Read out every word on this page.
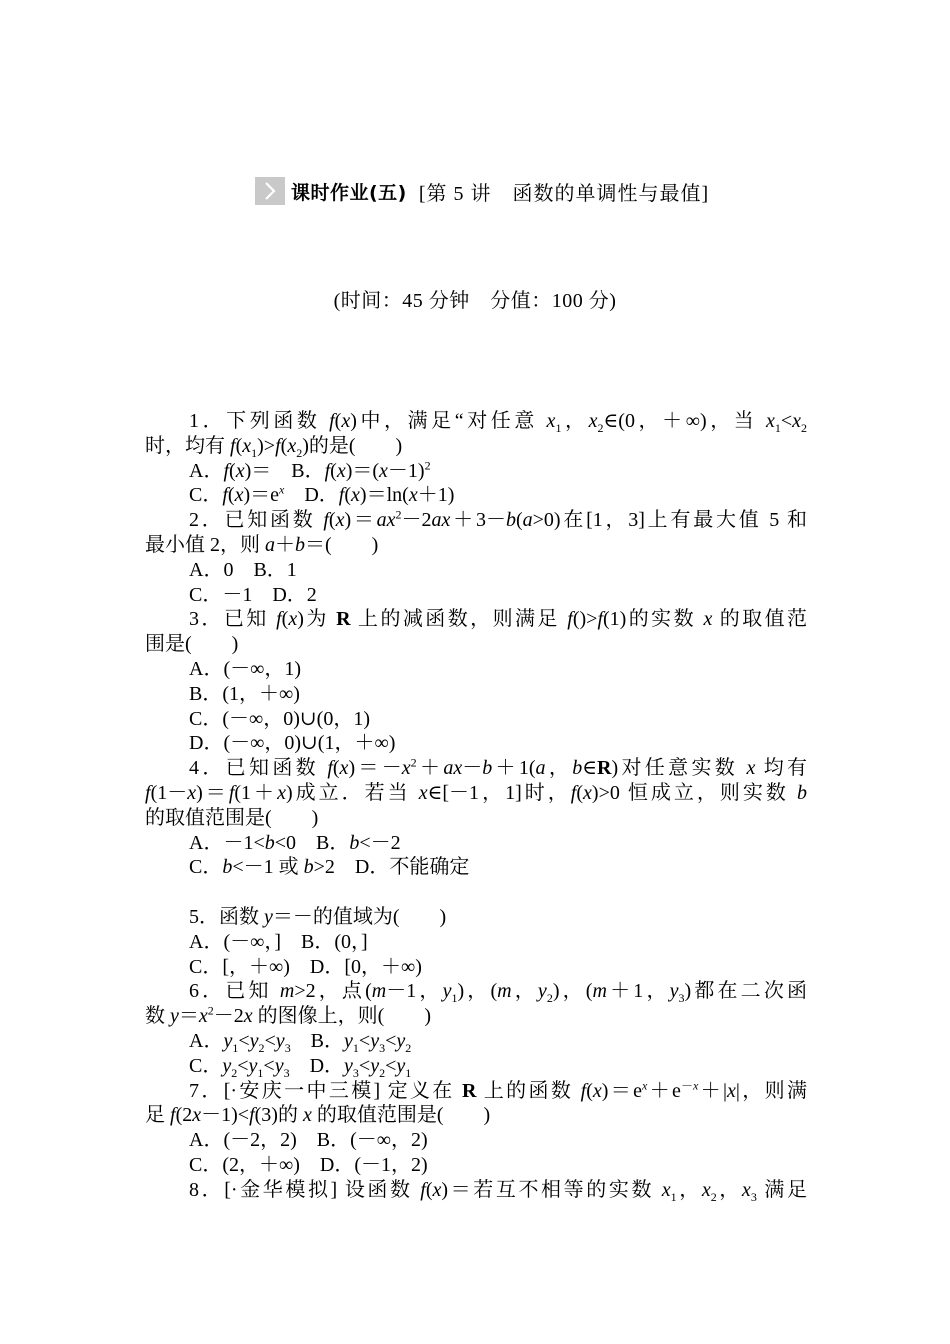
课时作业(五) [第 5 讲　函数的单调性与最值]
(时间：45 分钟　分值：100 分)
1．下列函数 f(x)中，满足“对任意 $x_1$，$x_2\in(0$，＋∞)，当 $x_1<x_2$
时，均有 $f(x_1)>f(x_2)$的是(　　)
A．f(x)＝　B．$f(x)=(x-1)^2$
C．$f(x)=e^x$　D．f(x)＝ln(x＋1)
2．已知函数 $f(x)=ax^2-2ax+3-b(a>0)$在[1，3]上有最大值 5 和
最小值 2，则 a＋b＝(　　)
A．0　B．1
C．－1　D．2
3．已知 f(x)为 R 上的减函数，则满足 f()>f(1)的实数 x 的取值范
围是(　　)
A．(－∞，1)
B．(1，＋∞)
C．(－∞，0)∪(0，1)
D．(－∞，0)∪(1，＋∞)
4．已知函数 $f(x)=-x^2+ax-b+1(a$，b∈R)对任意实数 x 均有
f(1－x)＝f(1＋x)成立．若当 x∈[－1，1]时，f(x)>0 恒成立，则实数 b
的取值范围是(　　)
A．－1<b<0　B．b<－2
C．b<－1 或 b>2　D．不能确定
5．函数 y＝－的值域为(　　)
A．(－∞，]　B．(0，]
C．[，＋∞)　D．[0，＋∞)
6．已知 m>2，点(m－1，$y_1$)，(m，$y_2$)，(m＋1，$y_3$)都在二次函
数 $y=x^2-2x$ 的图像上，则(　　)
A．$y_1<y_2<y_3$　B．$y_1<y_3<y_2$
C．$y_2<y_1<y_3$　D．$y_3<y_2<y_1$
7．[·安庆一中三模] 定义在 R 上的函数 $f(x)=e^x+e^{-x}+|x|$，则满
足 f(2x－1)<f(3)的 x 的取值范围是(　　)
A．(－2，2)　B．(－∞，2)
C．(2，＋∞)　D．(－1，2)
8．[·金华模拟] 设函数 f(x)＝若互不相等的实数 $x_1$，$x_2$，$x_3$ 满足
